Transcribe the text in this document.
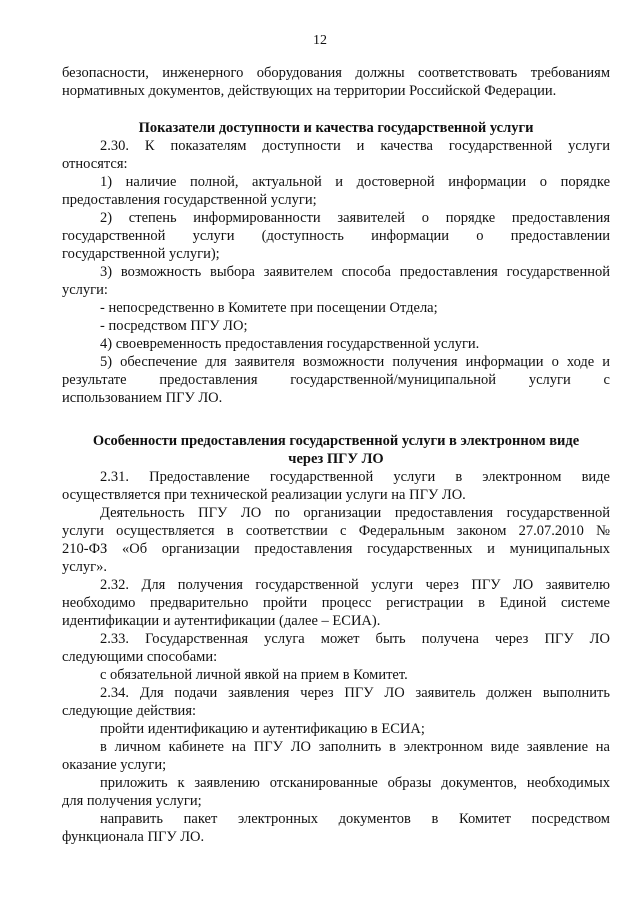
12
безопасности, инженерного оборудования должны соответствовать требованиям
нормативных документов, действующих на территории Российской Федерации.
Показатели доступности и качества государственной услуги
2.30. К показателям доступности и качества государственной услуги
относятся:
1) наличие полной, актуальной и достоверной информации о порядке
предоставления государственной услуги;
2) степень информированности заявителей о порядке предоставления
государственной услуги (доступность информации о предоставлении
государственной услуги);
3) возможность выбора заявителем способа предоставления государственной
услуги:
- непосредственно в Комитете при посещении Отдела;
- посредством ПГУ ЛО;
4) своевременность предоставления государственной услуги.
5) обеспечение для заявителя возможности получения информации о ходе и
результате предоставления государственной/муниципальной услуги с
использованием ПГУ ЛО.
Особенности предоставления государственной услуги в электронном виде
через ПГУ ЛО
2.31. Предоставление государственной услуги в электронном виде
осуществляется при технической реализации услуги на ПГУ ЛО.
Деятельность ПГУ ЛО по организации предоставления государственной
услуги осуществляется в соответствии с Федеральным законом 27.07.2010 №
210-ФЗ «Об организации предоставления государственных и муниципальных
услуг».
2.32. Для получения государственной услуги через ПГУ ЛО заявителю
необходимо предварительно пройти процесс регистрации в Единой системе
идентификации и аутентификации (далее – ЕСИА).
2.33. Государственная услуга может быть получена через ПГУ ЛО
следующими способами:
с обязательной личной явкой на прием в Комитет.
2.34. Для подачи заявления через ПГУ ЛО заявитель должен выполнить
следующие действия:
пройти идентификацию и аутентификацию в ЕСИА;
в личном кабинете на ПГУ ЛО заполнить в электронном виде заявление на
оказание услуги;
приложить к заявлению отсканированные образы документов, необходимых
для получения услуги;
направить пакет электронных документов в Комитет посредством
функционала ПГУ ЛО.
